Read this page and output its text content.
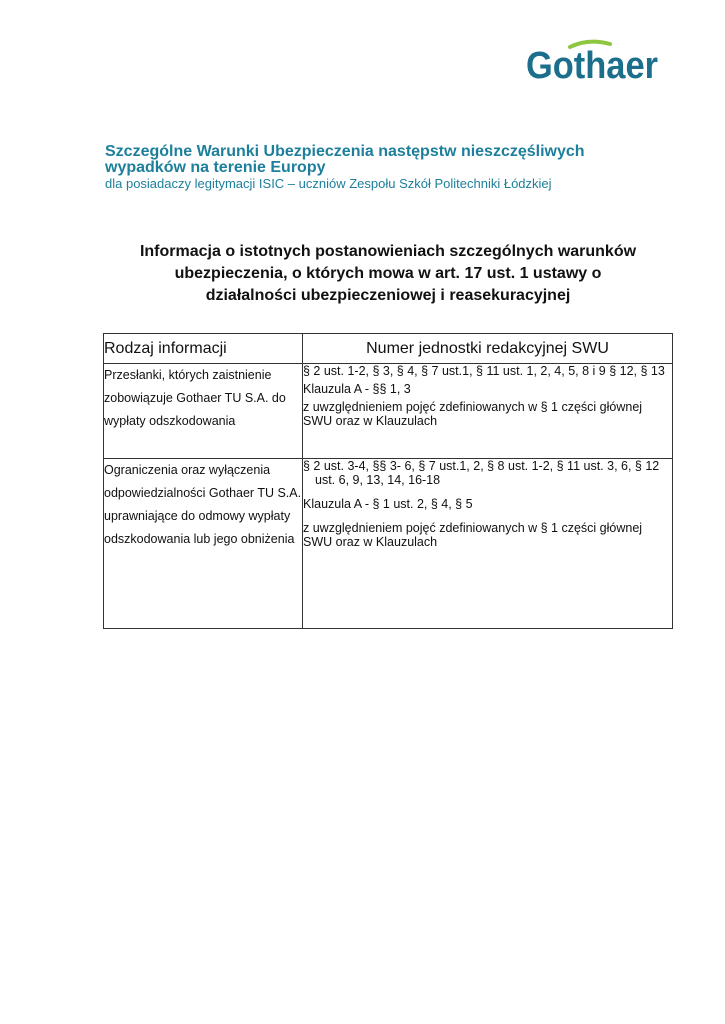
Gothaer

Szczególne Warunki Ubezpieczenia następstw nieszczęśliwych

wypadków na terenie Europy

dla posiadaczy legitymacji ISIC – uczniów Zespołu Szkół Politechniki Łódzkiej

Informacja o istotnych postanowieniach szczególnych warunków
ubezpieczenia, o których mowa w art. 17 ust. 1 ustawy o
działalności ubezpieczeniowej i reasekuracyjnej
Rodzaj informacji	Numer jednostki redakcyjnej SWU
Przesłanki, których zaistnienie zobowiązuje Gothaer TU S.A. do wypłaty odszkodowania	§ 2 ust. 1-2, § 3, § 4, § 7 ust.1, § 11 ust. 1, 2, 4, 5, 8 i 9 § 12, § 13

Klauzula A - §§ 1, 3

z uwzględnieniem pojęć zdefiniowanych w § 1 części głównej SWU oraz w Klauzulach

Ograniczenia oraz wyłączenia odpowiedzialności Gothaer TU S.A. uprawniające do odmowy wypłaty odszkodowania lub jego obniżenia	§ 2 ust. 3-4, §§ 3- 6, § 7 ust.1, 2, § 8 ust. 1-2, § 11 ust. 3, 6, § 12 ust. 6, 9, 13, 14, 16-18

Klauzula A - § 1 ust. 2, § 4, § 5

z uwzględnieniem pojęć zdefiniowanych w § 1 części głównej SWU oraz w Klauzulach
